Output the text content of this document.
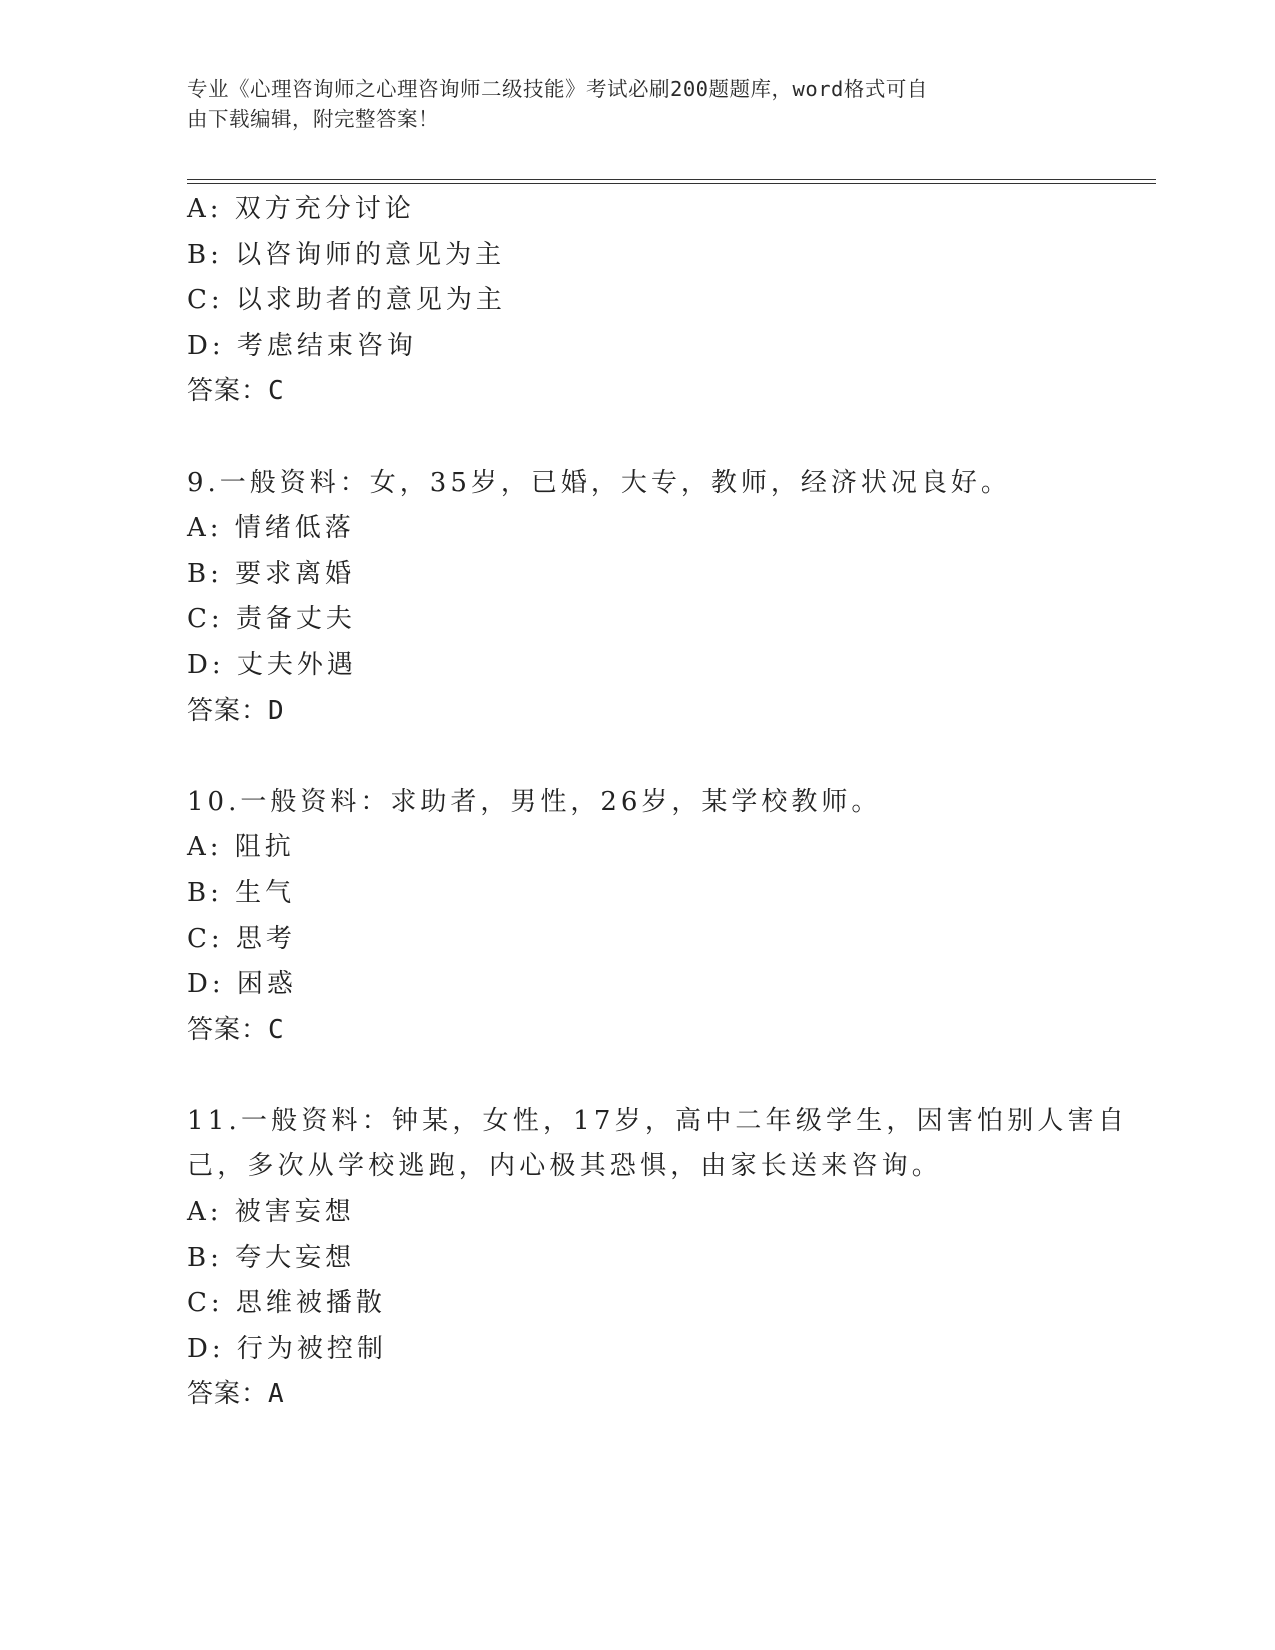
专业《心理咨询师之心理咨询师二级技能》考试必刷200题题库，word格式可自
由下载编辑，附完整答案！
A: 双方充分讨论
B: 以咨询师的意见为主
C: 以求助者的意见为主
D: 考虑结束咨询
答案：C
9.一般资料：女，35岁，已婚，大专，教师，经济状况良好。
A: 情绪低落
B: 要求离婚
C: 责备丈夫
D: 丈夫外遇
答案：D
10.一般资料：求助者，男性，26岁，某学校教师。
A: 阻抗
B: 生气
C: 思考
D: 困惑
答案：C
11.一般资料：钟某，女性，17岁，高中二年级学生，因害怕别人害自
己，多次从学校逃跑，内心极其恐惧，由家长送来咨询。
A: 被害妄想
B: 夸大妄想
C: 思维被播散
D: 行为被控制
答案：A
